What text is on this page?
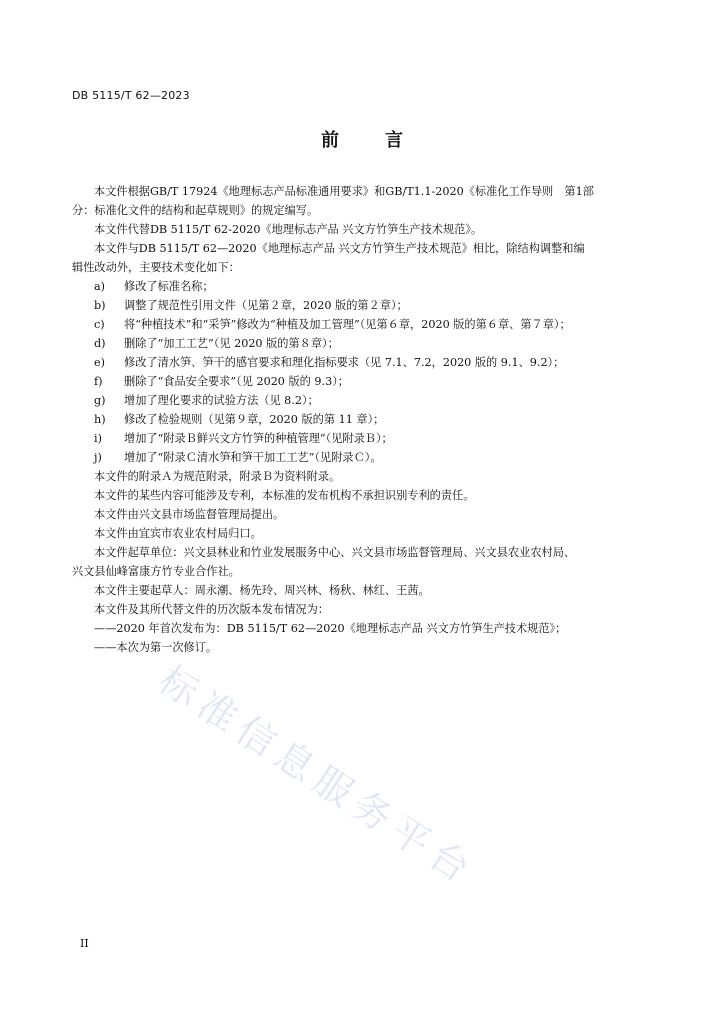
DB 5115/T 62—2023
前	言
标准信息服务平台

本文件根据GB/T 17924《地理标志产品标准通用要求》和GB/T1.1-2020《标准化工作导则　第1部

分：标准化文件的结构和起草规则》的规定编写。

本文件代替DB 5115/T 62-2020《地理标志产品 兴文方竹笋生产技术规范》。

本文件与DB 5115/T 62—2020《地理标志产品 兴文方竹笋生产技术规范》相比，除结构调整和编

辑性改动外，主要技术变化如下：

a) 修改了标准名称；

b) 调整了规范性引用文件（见第２章，2020 版的第２章）；

c) 将“种植技术”和“采笋”修改为“种植及加工管理”（见第６章，2020 版的第６章、第７章）；

d) 删除了“加工工艺”（见 2020 版的第８章）；

e) 修改了清水笋、笋干的感官要求和理化指标要求（见 7.1、7.2，2020 版的 9.1、9.2）；

f) 删除了“食品安全要求”（见 2020 版的 9.3）；

g) 增加了理化要求的试验方法（见 8.2）；

h) 修改了检验规则（见第９章，2020 版的第 11 章）；

i) 增加了“附录Ｂ鲜兴文方竹笋的种植管理”（见附录Ｂ）；

j) 增加了“附录Ｃ清水笋和笋干加工工艺”（见附录Ｃ）。

本文件的附录Ａ为规范附录，附录Ｂ为资料附录。

本文件的某些内容可能涉及专利，本标准的发布机构不承担识别专利的责任。

本文件由兴文县市场监督管理局提出。

本文件由宜宾市农业农村局归口。

本文件起草单位：兴文县林业和竹业发展服务中心、兴文县市场监督管理局、兴文县农业农村局、

兴文县仙峰富康方竹专业合作社。

本文件主要起草人：周永潮、杨先玲、周兴林、杨秋、林红、王茜。

本文件及其所代替文件的历次版本发布情况为：

——2020 年首次发布为：DB 5115/T 62—2020《地理标志产品 兴文方竹笋生产技术规范》；

——本次为第一次修订。

II
